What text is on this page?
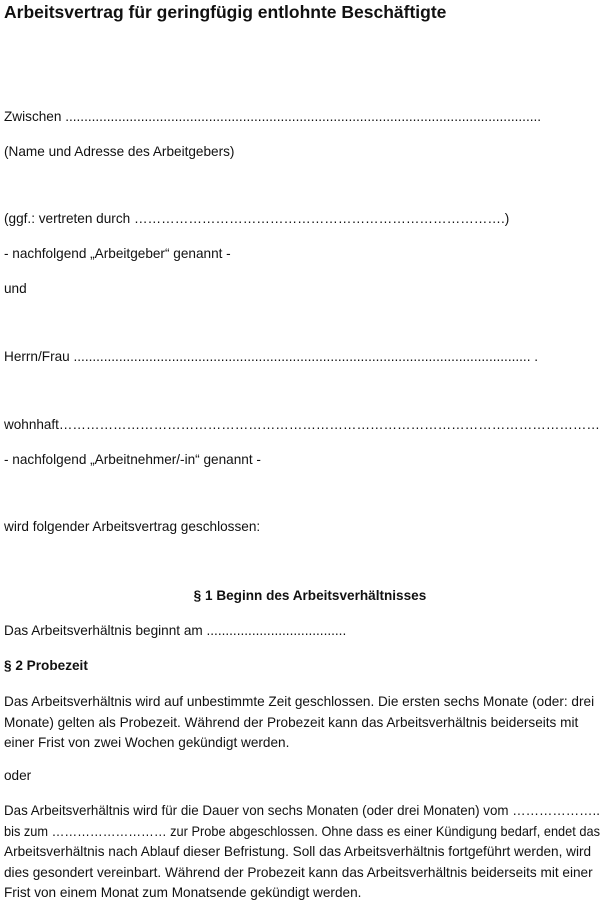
Arbeitsvertrag für geringfügig entlohnte Beschäftigte
Zwischen ..............................................................................................................................
(Name und Adresse des Arbeitgebers)
(ggf.: vertreten durch ……………………………………………………………………….)
- nachfolgend „Arbeitgeber“ genannt -
und
Herrn/Frau ......................................................................................................................... .
wohnhaft…………………………………………………………………………………………………………
- nachfolgend „Arbeitnehmer/-in“ genannt -
wird folgender Arbeitsvertrag geschlossen:
§ 1 Beginn des Arbeitsverhältnisses
Das Arbeitsverhältnis beginnt am .....................................
§ 2 Probezeit
Das Arbeitsverhältnis wird auf unbestimmte Zeit geschlossen. Die ersten sechs Monate (oder: drei
Monate) gelten als Probezeit. Während der Probezeit kann das Arbeitsverhältnis beiderseits mit
einer Frist von zwei Wochen gekündigt werden.
oder
Das Arbeitsverhältnis wird für die Dauer von sechs Monaten (oder drei Monaten) vom ……………….. bis zum ……………………… zur Probe abgeschlossen. Ohne dass es einer Kündigung bedarf, endet das
Arbeitsverhältnis nach Ablauf dieser Befristung. Soll das Arbeitsverhältnis fortgeführt werden, wird
dies gesondert vereinbart. Während der Probezeit kann das Arbeitsverhältnis beiderseits mit einer
Frist von einem Monat zum Monatsende gekündigt werden.
